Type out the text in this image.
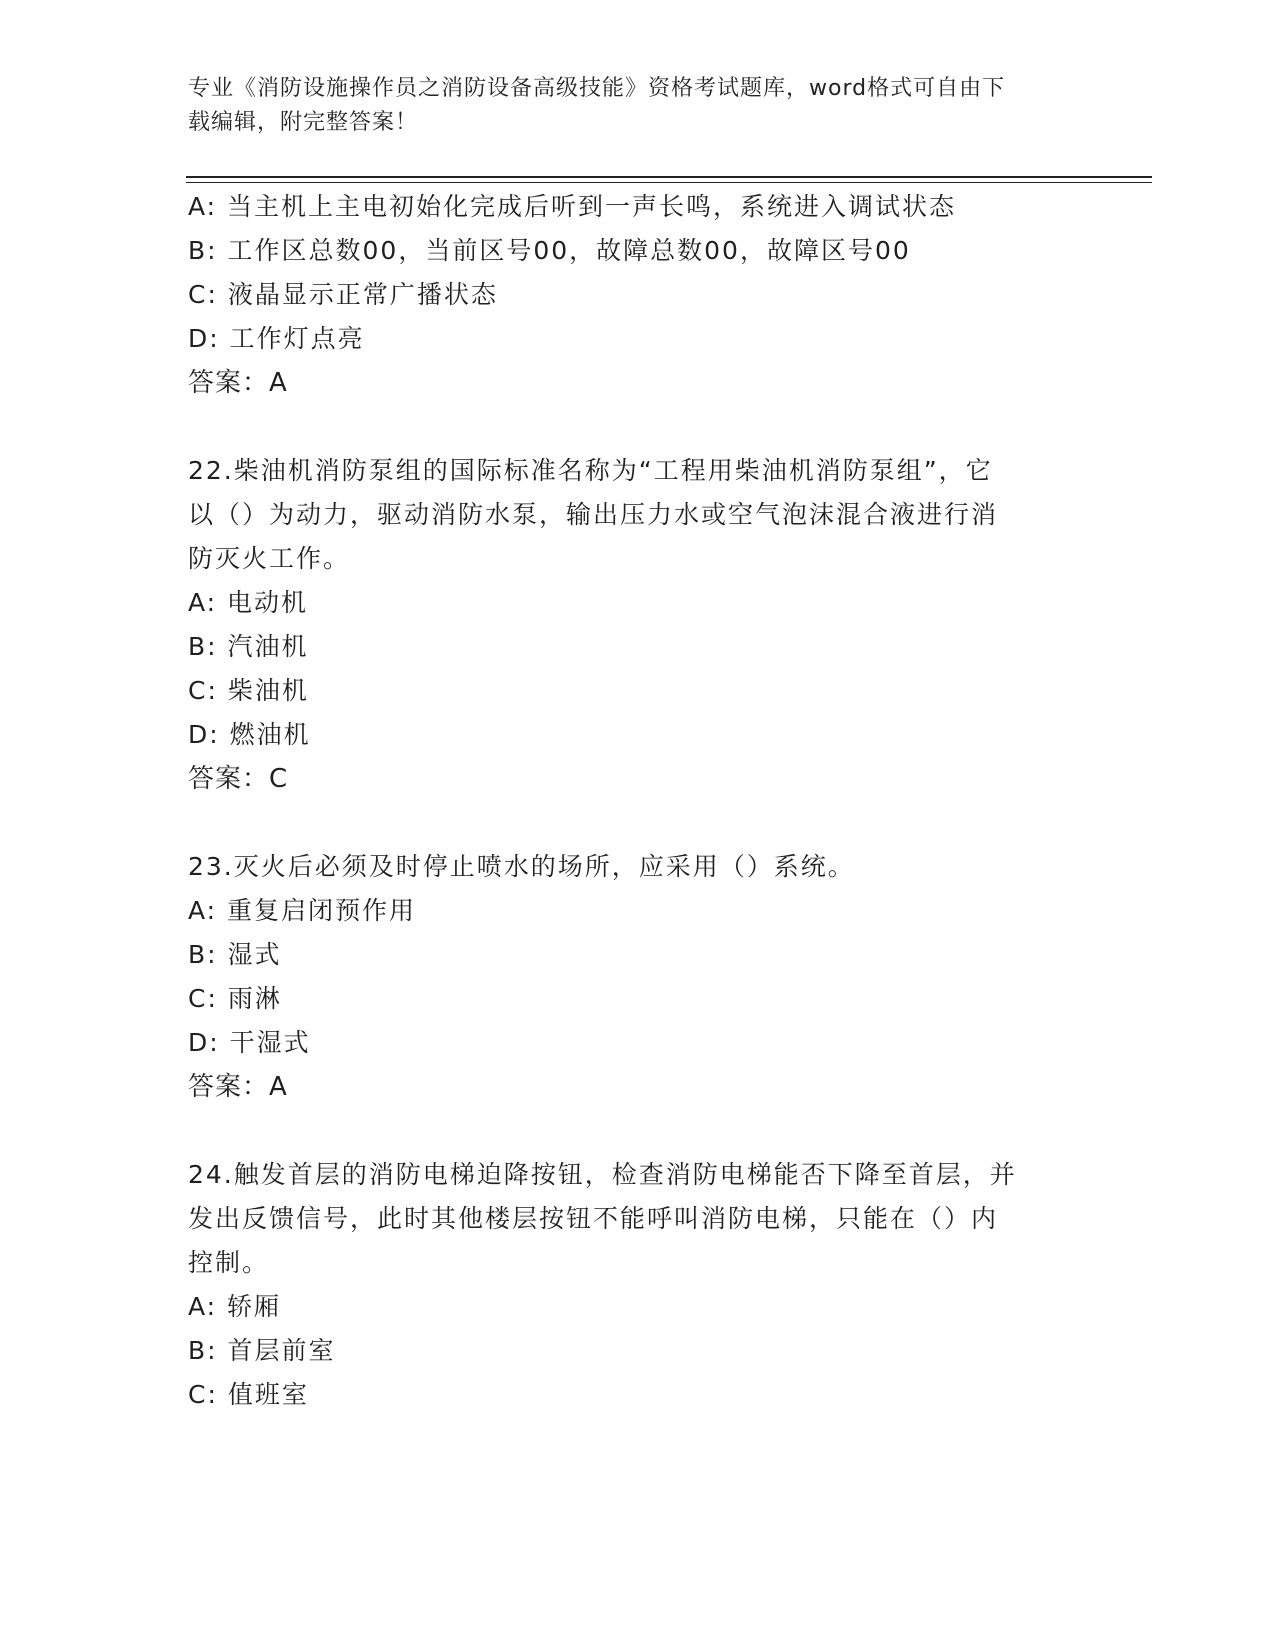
专业《消防设施操作员之消防设备高级技能》资格考试题库，word格式可自由下
载编辑，附完整答案！
A: 当主机上主电初始化完成后听到一声长鸣，系统进入调试状态
B: 工作区总数00，当前区号00，故障总数00，故障区号00
C: 液晶显示正常广播状态
D: 工作灯点亮
答案：A
22.柴油机消防泵组的国际标准名称为“工程用柴油机消防泵组”，它
以（）为动力，驱动消防水泵，输出压力水或空气泡沫混合液进行消
防灭火工作。
A: 电动机
B: 汽油机
C: 柴油机
D: 燃油机
答案：C
23.灭火后必须及时停止喷水的场所，应采用（）系统。
A: 重复启闭预作用
B: 湿式
C: 雨淋
D: 干湿式
答案：A
24.触发首层的消防电梯迫降按钮，检查消防电梯能否下降至首层，并
发出反馈信号，此时其他楼层按钮不能呼叫消防电梯，只能在（）内
控制。
A: 轿厢
B: 首层前室
C: 值班室
